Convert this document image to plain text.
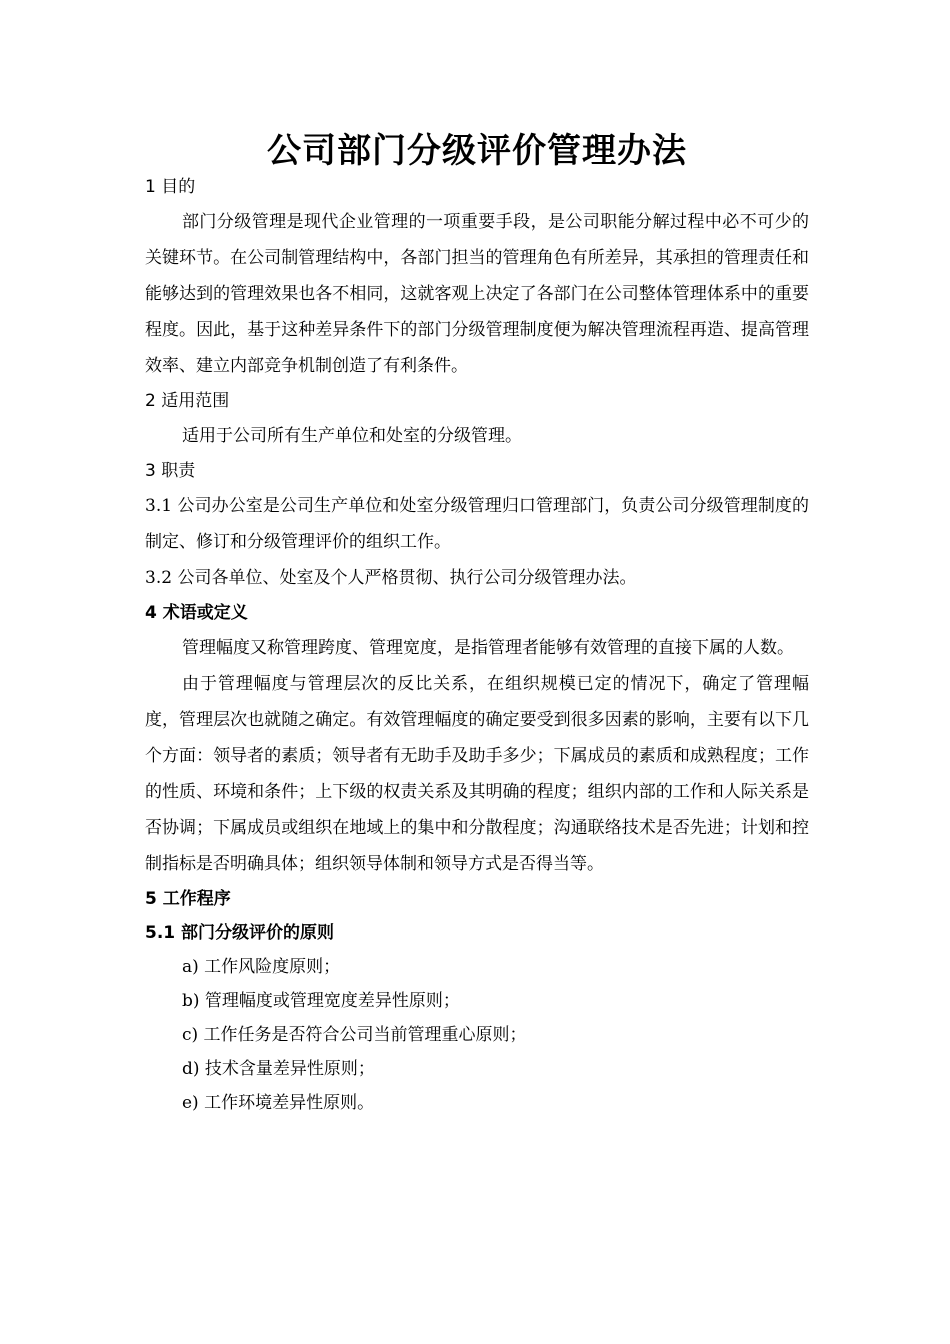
公司部门分级评价管理办法
1 目的
部门分级管理是现代企业管理的一项重要手段，是公司职能分解过程中必不可少的关键环节。在公司制管理结构中，各部门担当的管理角色有所差异，其承担的管理责任和能够达到的管理效果也各不相同，这就客观上决定了各部门在公司整体管理体系中的重要程度。因此，基于这种差异条件下的部门分级管理制度便为解决管理流程再造、提高管理效率、建立内部竞争机制创造了有利条件。
2 适用范围
适用于公司所有生产单位和处室的分级管理。
3 职责
3.1 公司办公室是公司生产单位和处室分级管理归口管理部门，负责公司分级管理制度的制定、修订和分级管理评价的组织工作。
3.2 公司各单位、处室及个人严格贯彻、执行公司分级管理办法。
4 术语或定义
管理幅度又称管理跨度、管理宽度，是指管理者能够有效管理的直接下属的人数。
由于管理幅度与管理层次的反比关系，在组织规模已定的情况下，确定了管理幅度，管理层次也就随之确定。有效管理幅度的确定要受到很多因素的影响，主要有以下几个方面：领导者的素质；领导者有无助手及助手多少；下属成员的素质和成熟程度；工作的性质、环境和条件；上下级的权责关系及其明确的程度；组织内部的工作和人际关系是否协调；下属成员或组织在地域上的集中和分散程度；沟通联络技术是否先进；计划和控制指标是否明确具体；组织领导体制和领导方式是否得当等。
5 工作程序
5.1 部门分级评价的原则
a) 工作风险度原则；
b) 管理幅度或管理宽度差异性原则；
c) 工作任务是否符合公司当前管理重心原则；
d) 技术含量差异性原则；
e) 工作环境差异性原则。
